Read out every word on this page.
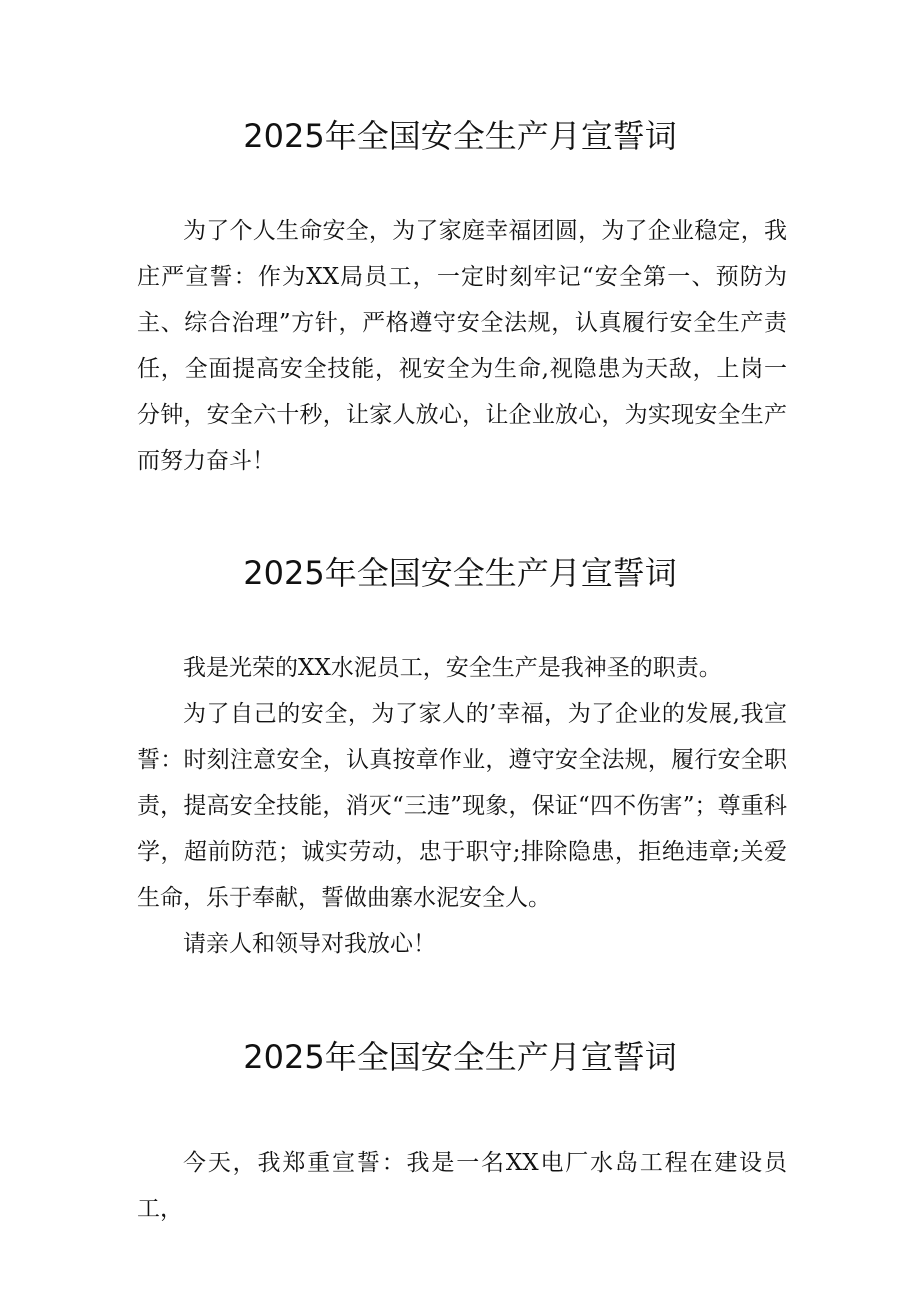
2025年全国安全生产月宣誓词

为了个人生命安全，为了家庭幸福团圆，为了企业稳定，我庄严宣誓：作为XX局员工，一定时刻牢记“安全第一、预防为主、综合治理”方针，严格遵守安全法规，认真履行安全生产责任，全面提高安全技能，视安全为生命,视隐患为天敌，上岗一分钟，安全六十秒，让家人放心，让企业放心，为实现安全生产而努力奋斗！

2025年全国安全生产月宣誓词

我是光荣的XX水泥员工，安全生产是我神圣的职责。

为了自己的安全，为了家人的’幸福，为了企业的发展,我宣誓：时刻注意安全，认真按章作业，遵守安全法规，履行安全职责，提高安全技能，消灭“三违”现象，保证“四不伤害”；尊重科学，超前防范；诚实劳动，忠于职守;排除隐患，拒绝违章;关爱生命，乐于奉献，誓做曲寨水泥安全人。

请亲人和领导对我放心！

2025年全国安全生产月宣誓词

今天，我郑重宣誓：我是一名XX电厂水岛工程在建设员工，
